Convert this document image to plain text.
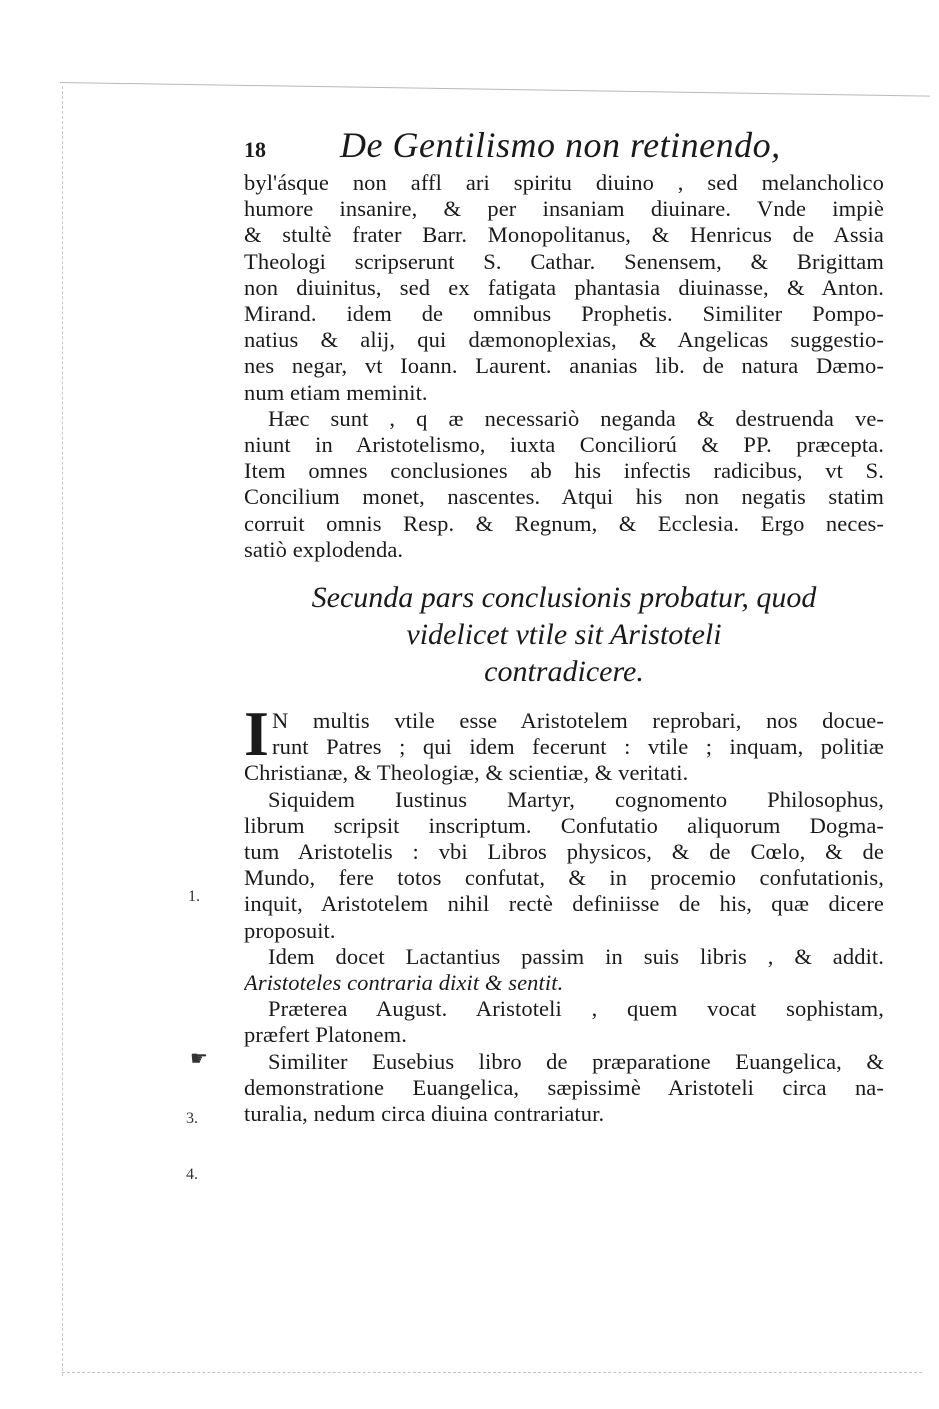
1.
☛
3.
4.
18	De Gentilismo non retinendo,
byl'ásque non affl ari spiritu diuino , sed melancholico
humore insanire, & per insaniam diuinare. Vnde impiè
& stultè frater Barr. Monopolitanus, & Henricus de Assia
Theologi scripserunt S. Cathar. Senensem, & Brigittam
non diuinitus, sed ex fatigata phantasia diuinasse, & Anton.
Mirand. idem de omnibus Prophetis. Similiter Pompo-
natius & alij, qui dæmonoplexias, & Angelicas suggestio-
nes negar, vt Ioann. Laurent. ananias lib. de natura Dæmo-
num etiam meminit.
Hæc sunt , q æ necessariò neganda & destruenda ve-
niunt in Aristotelismo, iuxta Conciliorú & PP. præcepta.
Item omnes conclusiones ab his infectis radicibus, vt S.
Concilium monet, nascentes. Atqui his non negatis statim
corruit omnis Resp. & Regnum, & Ecclesia. Ergo neces-
satiò explodenda.
Secunda pars conclusionis probatur, quod
videlicet vtile sit Aristoteli
contradicere.
I N multis vtile esse Aristotelem reprobari, nos docue-
runt Patres ; qui idem fecerunt : vtile ; inquam, politiæ
Christianæ, & Theologiæ, & scientiæ, & veritati.
Siquidem Iustinus Martyr, cognomento Philosophus,
librum scripsit inscriptum. Confutatio aliquorum Dogma-
tum Aristotelis : vbi Libros physicos, & de Cœlo, & de
Mundo, fere totos confutat, & in procemio confutationis,
inquit, Aristotelem nihil rectè definiisse de his, quæ dicere
proposuit.
Idem docet Lactantius passim in suis libris , & addit.
Aristoteles contraria dixit & sentit.
Præterea August. Aristoteli , quem vocat sophistam,
præfert Platonem.
Similiter Eusebius libro de præparatione Euangelica, &
demonstratione Euangelica, sæpissimè Aristoteli circa na-
turalia, nedum circa diuina contrariatur.
